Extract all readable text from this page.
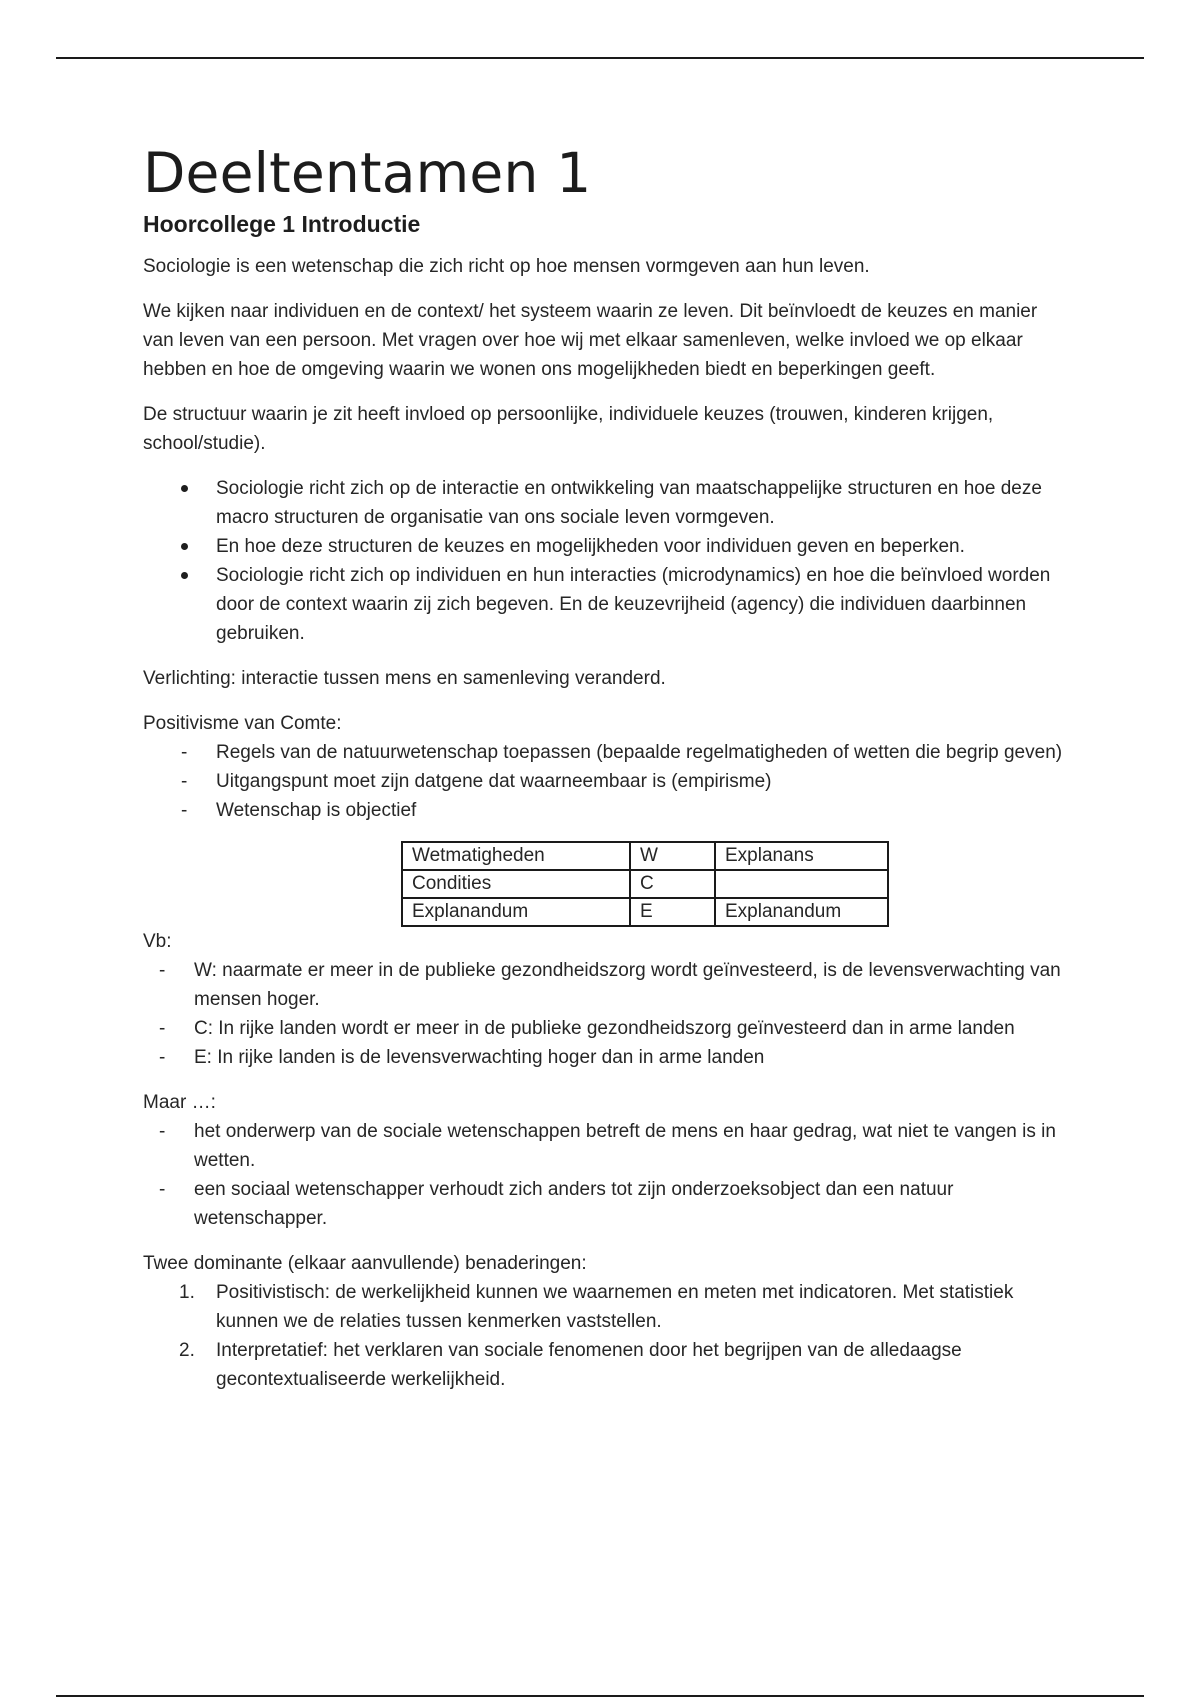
Deeltentamen 1
Hoorcollege 1 Introductie

Sociologie is een wetenschap die zich richt op hoe mensen vormgeven aan hun leven.

We kijken naar individuen en de context/ het systeem waarin ze leven. Dit beïnvloedt de keuzes en manier van leven van een persoon. Met vragen over hoe wij met elkaar samenleven, welke invloed we op elkaar hebben en hoe de omgeving waarin we wonen ons mogelijkheden biedt en beperkingen geeft.

De structuur waarin je zit heeft invloed op persoonlijke, individuele keuzes (trouwen, kinderen krijgen, school/studie).

Sociologie richt zich op de interactie en ontwikkeling van maatschappelijke structuren en hoe deze macro structuren de organisatie van ons sociale leven vormgeven.
En hoe deze structuren de keuzes en mogelijkheden voor individuen geven en beperken.
Sociologie richt zich op individuen en hun interacties (microdynamics) en hoe die beïnvloed worden door de context waarin zij zich begeven. En de keuzevrijheid (agency) die individuen daarbinnen gebruiken.

Verlichting: interactie tussen mens en samenleving veranderd.

Positivisme van Comte:

- Regels van de natuurwetenschap toepassen (bepaalde regelmatigheden of wetten die begrip geven)
- Uitgangspunt moet zijn datgene dat waarneembaar is (empirisme)
- Wetenschap is objectief
Wetmatigheden	W	Explanans
Condities	C	
Explanandum	E	Explanandum

Vb:

- W: naarmate er meer in de publieke gezondheidszorg wordt geïnvesteerd, is de levensverwachting van mensen hoger.
- C: In rijke landen wordt er meer in de publieke gezondheidszorg geïnvesteerd dan in arme landen
- E: In rijke landen is de levensverwachting hoger dan in arme landen

Maar …:

- het onderwerp van de sociale wetenschappen betreft de mens en haar gedrag, wat niet te vangen is in wetten.
- een sociaal wetenschapper verhoudt zich anders tot zijn onderzoeksobject dan een natuur wetenschapper.

Twee dominante (elkaar aanvullende) benaderingen:

1. Positivistisch: de werkelijkheid kunnen we waarnemen en meten met indicatoren. Met statistiek kunnen we de relaties tussen kenmerken vaststellen.
2. Interpretatief: het verklaren van sociale fenomenen door het begrijpen van de alledaagse gecontextualiseerde werkelijkheid.
